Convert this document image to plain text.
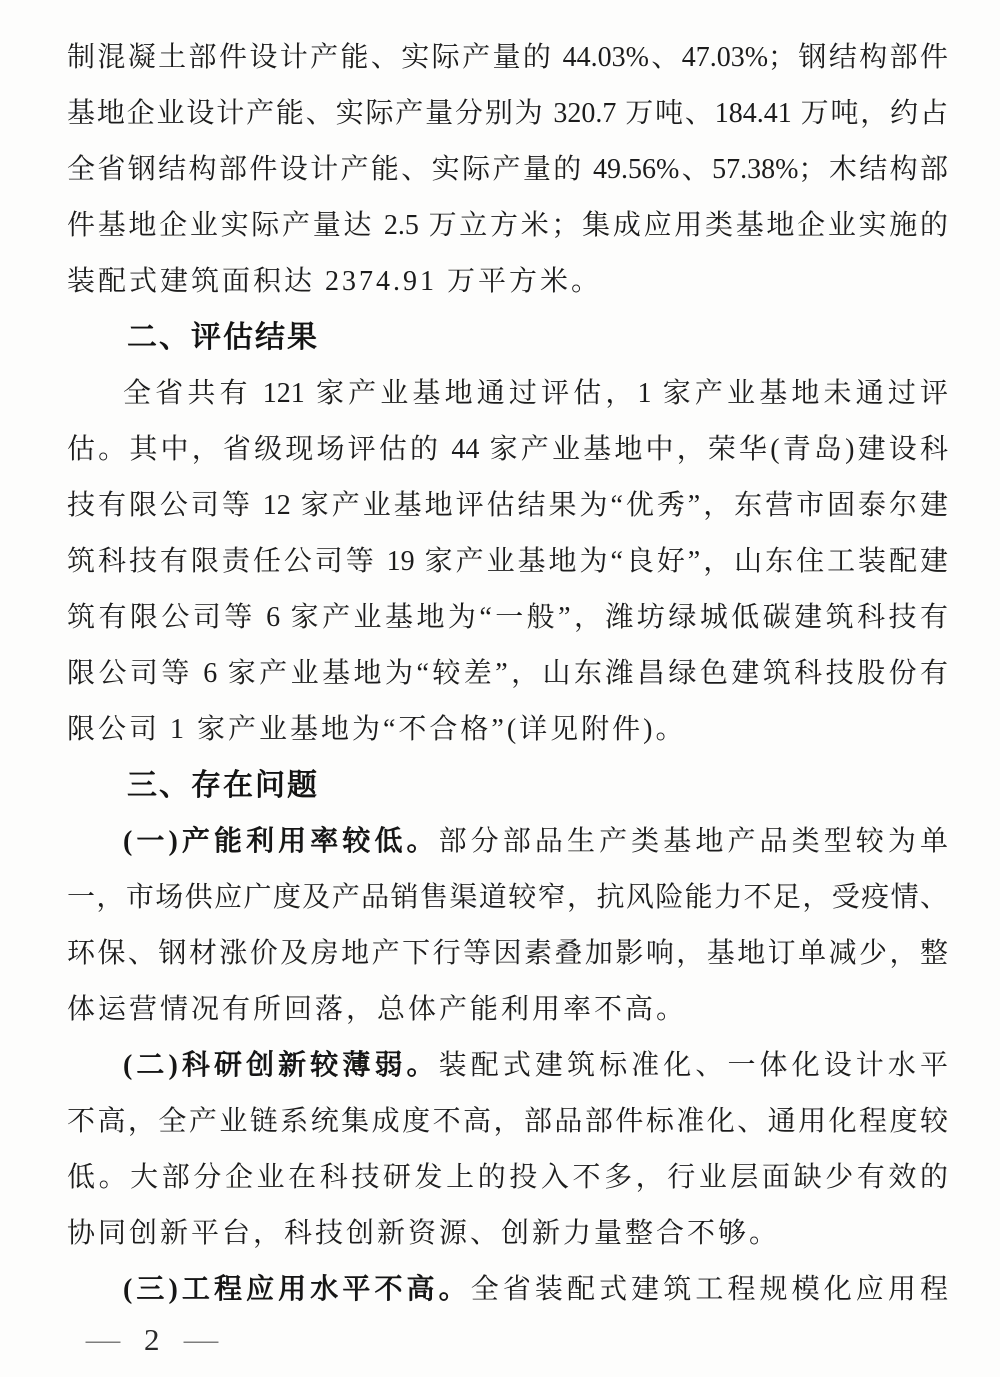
制混凝土部件设计产能、实际产量的 44.03%、47.03%；钢结构部件
基地企业设计产能、实际产量分别为 320.7 万吨、184.41 万吨，约占
全省钢结构部件设计产能、实际产量的 49.56%、57.38%；木结构部
件基地企业实际产量达 2.5 万立方米；集成应用类基地企业实施的
装配式建筑面积达 2374.91 万平方米。
二、评估结果
全省共有 121 家产业基地通过评估，1 家产业基地未通过评
估。其中，省级现场评估的 44 家产业基地中，荣华(青岛)建设科
技有限公司等 12 家产业基地评估结果为“优秀”，东营市固泰尔建
筑科技有限责任公司等 19 家产业基地为“良好”，山东住工装配建
筑有限公司等 6 家产业基地为“一般”，潍坊绿城低碳建筑科技有
限公司等 6 家产业基地为“较差”，山东潍昌绿色建筑科技股份有
限公司 1 家产业基地为“不合格”(详见附件)。
三、存在问题
(一)产能利用率较低。部分部品生产类基地产品类型较为单
一，市场供应广度及产品销售渠道较窄，抗风险能力不足，受疫情、
环保、钢材涨价及房地产下行等因素叠加影响，基地订单减少，整
体运营情况有所回落，总体产能利用率不高。
(二)科研创新较薄弱。装配式建筑标准化、一体化设计水平
不高，全产业链系统集成度不高，部品部件标准化、通用化程度较
低。大部分企业在科技研发上的投入不多，行业层面缺少有效的
协同创新平台，科技创新资源、创新力量整合不够。
(三)工程应用水平不高。全省装配式建筑工程规模化应用程
— 2 —
